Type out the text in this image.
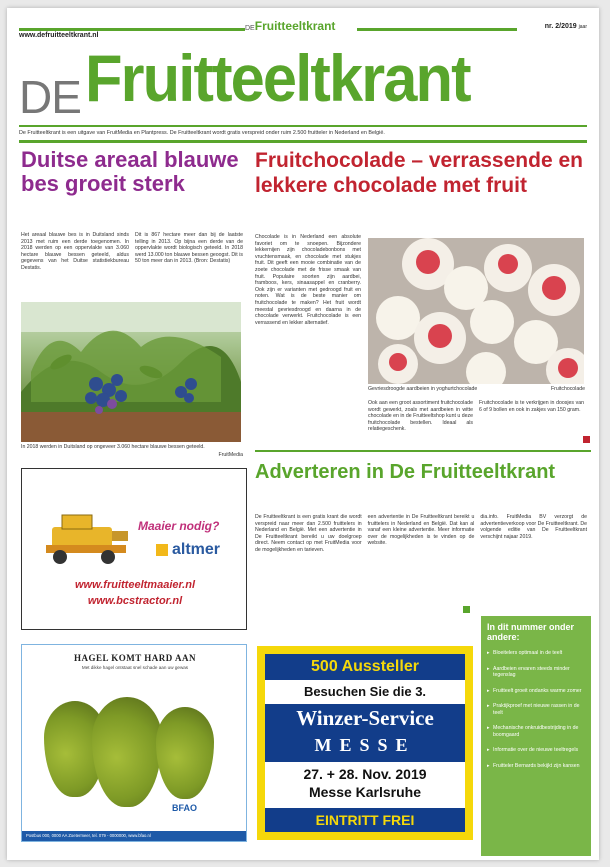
DEFruitteeltkrant
www.defruitteeltkrant.nl
nr. 2/2019 jaar
DE Fruitteeltkrant
De Fruitteeltkrant is een uitgave van FruitMedia en Plantpress. De Fruitteeltkrant wordt gratis verspreid onder ruim 2.500 fruitteler in Nederland en België.
Duitse areaal blauwe bes groeit sterk

Het areaal blauwe bes is in Duitsland sinds 2013 met ruim een derde toegenomen. In 2018 werden op een oppervlakte van 3.060 hectare blauwe bessen geteeld, aldus gegevens van het Duitse statistiekbureau Destatis.

Dit is 867 hectare meer dan bij de laatste telling in 2013. Op bijna een derde van de oppervlakte wordt biologisch geteeld. In 2018 werd 13.000 ton blauwe bessen geoogst. Dit is 50 ton meer dan in 2013. (Bron: Destatis)

In 2018 werden in Duitsland op ongeveer 3.060 hectare blauwe bessen geteeld.
FruitMedia
Fruitchocolade – verrassende en lekkere chocolade met fruit

Chocolade is in Nederland een absolute favoriet om te snoepen. Bijzondere lekkernijen zijn chocoladebonbons met vruchtensmaak, en chocolade met stukjes fruit. Dit geeft een mooie combinatie van de zoete chocolade met de frisse smaak van fruit. Populaire soorten zijn aardbei, framboos, kers, sinaasappel en cranberry. Ook zijn er varianten met gedroogd fruit en noten. Wat is de beste manier om fruitchocolade te maken? Het fruit wordt meestal gevriesdroogd en daarna in de chocolade verwerkt. Fruitchocolade is een verrassend en lekker alternatief.

Gevriesdroogde aardbeien in yoghurtchocolade	Fruitchocolade

Ook aan een groot assortiment fruitchocolade wordt gewerkt, zoals met aardbeien in witte chocolade en in de Fruitteeltshop kunt u deze fruitchocolade bestellen. Ideaal als relatiegeschenk.

Fruitchocolade is te verkrijgen in doosjes van 6 of 9 bollen en ook in zakjes van 150 gram.

Maaier nodig?
altmer
www.fruitteeltmaaier.nl
www.bcstractor.nl
Adverteren in De Fruitteeltkrant

De Fruitteeltkrant is een gratis krant die wordt verspreid naar meer dan 2.500 fruittelers in Nederland en België. Met een advertentie in De Fruitteeltkrant bereikt u uw doelgroep direct. Neem contact op met FruitMedia voor de mogelijkheden en tarieven.

een advertentie in De Fruitteeltkrant bereikt u fruittelers in Nederland en België. Dat kan al vanaf een kleine advertentie. Meer informatie over de mogelijkheden is te vinden op de website.

dia.info. FruitMedia BV verzorgt de advertentieverkoop voor De Fruitteeltkrant. De volgende editie van De Fruitteeltkrant verschijnt najaar 2019.

HAGEL KOMT HARD AAN
Met dikke hagel ontstaat snel schade aan uw gewas
BFAO
Postbus 000, 0000 AA Zoetermeer, tel. 079 - 0000000, www.bfao.nl
500 Aussteller
Besuchen Sie die 3.
Winzer-Service
MESSE
27. + 28. Nov. 2019
Messe Karlsruhe
EINTRITT FREI
In dit nummer onder andere:
▸ Bloeitelers optimaal in de teelt
▸ Aardbeien ervaren steeds minder tegenslag
▸ Fruitteelt groeit ondanks warme zomer
▸ Praktijkproef met nieuwe rassen in de teelt
▸ Mechanische onkruidbestrijding in de boomgaard
▸ Informatie over de nieuwe teeltregels
▸ Fruitteler Bernards bekijkt zijn kansen
